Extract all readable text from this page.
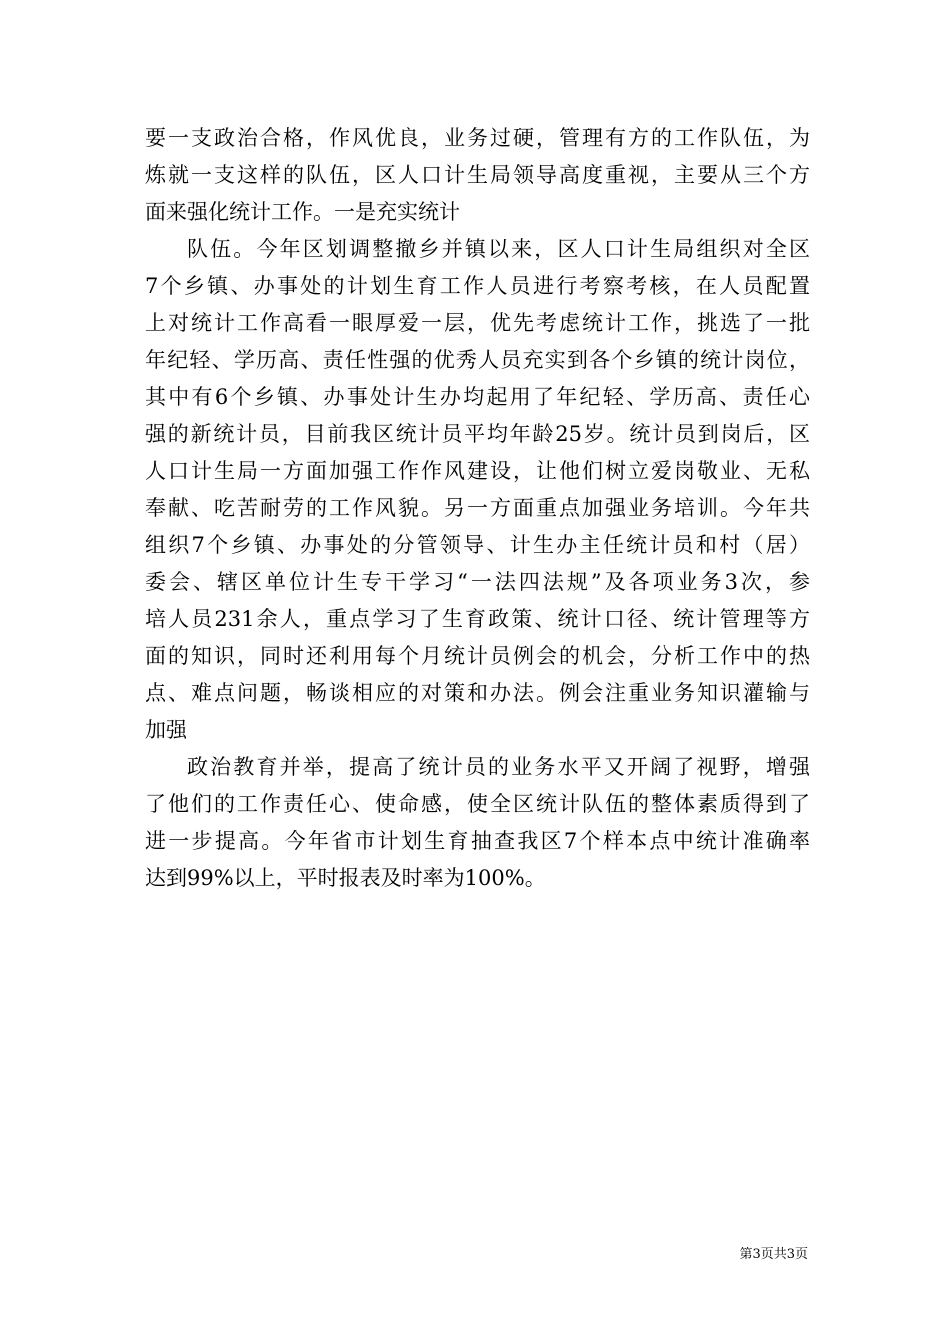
要一支政治合格，作风优良，业务过硬，管理有方的工作队伍，为
炼就一支这样的队伍，区人口计生局领导高度重视，主要从三个方
面来强化统计工作。一是充实统计
队伍。今年区划调整撤乡并镇以来，区人口计生局组织对全区
7个乡镇、办事处的计划生育工作人员进行考察考核，在人员配置
上对统计工作高看一眼厚爱一层，优先考虑统计工作，挑选了一批
年纪轻、学历高、责任性强的优秀人员充实到各个乡镇的统计岗位，
其中有6个乡镇、办事处计生办均起用了年纪轻、学历高、责任心
强的新统计员，目前我区统计员平均年龄25岁。统计员到岗后，区
人口计生局一方面加强工作作风建设，让他们树立爱岗敬业、无私
奉献、吃苦耐劳的工作风貌。另一方面重点加强业务培训。今年共
组织7个乡镇、办事处的分管领导、计生办主任统计员和村（居）
委会、辖区单位计生专干学习“一法四法规”及各项业务3次，参
培人员231余人，重点学习了生育政策、统计口径、统计管理等方
面的知识，同时还利用每个月统计员例会的机会，分析工作中的热
点、难点问题，畅谈相应的对策和办法。例会注重业务知识灌输与
加强
政治教育并举，提高了统计员的业务水平又开阔了视野，增强
了他们的工作责任心、使命感，使全区统计队伍的整体素质得到了
进一步提高。今年省市计划生育抽查我区7个样本点中统计准确率
达到99%以上，平时报表及时率为100%。
第3页共3页
